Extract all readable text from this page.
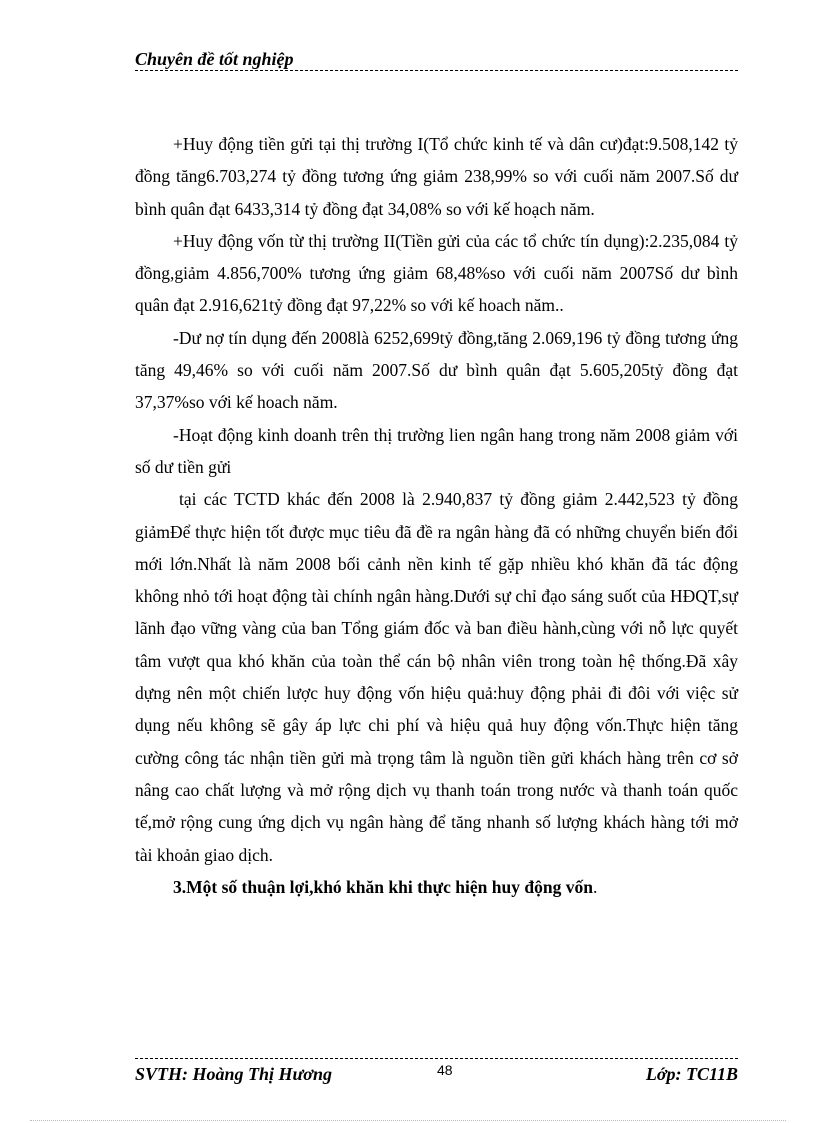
Chuyên đề tốt nghiệp

+Huy động tiền gửi tại thị trường I(Tổ chức kinh tế và dân cư)đạt:9.508,142 tỷ đồng tăng6.703,274 tỷ đồng tương ứng giảm 238,99% so với cuối năm 2007.Số dư bình quân đạt 6433,314 tỷ đồng đạt 34,08% so với kế hoạch năm.

+Huy động vốn từ thị trường II(Tiền gửi của các tổ chức tín dụng):2.235,084 tỷ đồng,giảm 4.856,700% tương ứng giảm 68,48%so với cuối năm 2007Số dư bình quân đạt 2.916,621tỷ đồng đạt 97,22% so với kế hoach năm..

-Dư nợ tín dụng đến 2008là 6252,699tỷ đồng,tăng 2.069,196 tỷ đồng tương ứng tăng 49,46% so với cuối năm 2007.Số dư bình quân đạt 5.605,205tỷ đồng đạt 37,37%so với kế hoach năm.

-Hoạt động kinh doanh trên thị trường lien ngân hang trong năm 2008 giảm với số dư tiền gửi

tại các TCTD khác đến 2008 là 2.940,837 tỷ đồng giảm 2.442,523 tỷ đồng giảmĐể thực hiện tốt được mục tiêu đã đề ra ngân hàng đã có những chuyển biến đổi mới lớn.Nhất là năm 2008 bối cảnh nền kinh tế gặp nhiều khó khăn đã tác động không nhỏ tới hoạt động tài chính ngân hàng.Dưới sự chỉ đạo sáng suốt của HĐQT,sự lãnh đạo vững vàng của ban Tổng giám đốc và ban điều hành,cùng với nỗ lực quyết tâm vượt qua khó khăn của toàn thể cán bộ nhân viên trong toàn hệ thống.Đã xây dựng nên một chiến lược huy động vốn hiệu quả:huy động phải đi đôi với việc sử dụng nếu không sẽ gây áp lực chi phí và hiệu quả huy động vốn.Thực hiện tăng cường công tác nhận tiền gửi mà trọng tâm là nguồn tiền gửi khách hàng trên cơ sở nâng cao chất lượng và mở rộng dịch vụ thanh toán trong nước và thanh toán quốc tế,mở rộng cung ứng dịch vụ ngân hàng để tăng nhanh số lượng khách hàng tới mở tài khoản giao dịch.

3.Một số thuận lợi,khó khăn khi thực hiện huy động vốn.

SVTH: Hoàng Thị Hương	48	Lớp: TC11B
